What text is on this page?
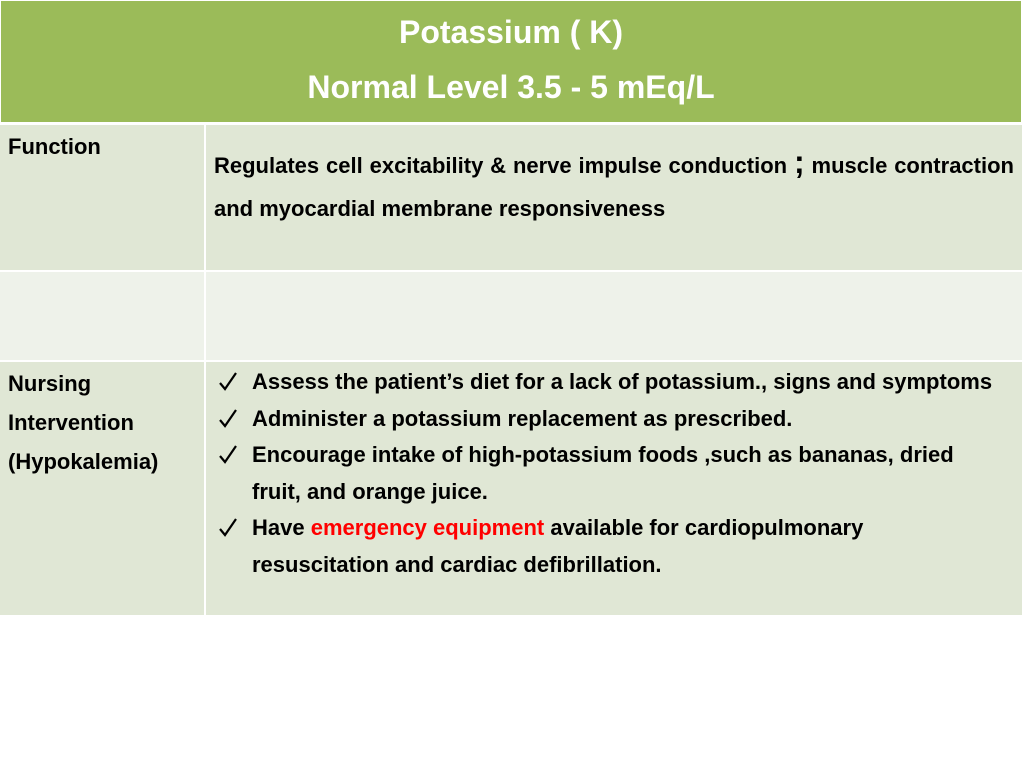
Potassium ( K)
Normal Level 3.5 - 5 mEq/L
Function
Regulates cell excitability & nerve impulse conduction ; muscle contraction and myocardial membrane responsiveness
Nursing
Intervention
(Hypokalemia)
Assess the patient’s diet for a lack of potassium., signs and symptoms
Administer a potassium replacement as prescribed.
Encourage intake of high-potassium foods ,such as bananas, dried fruit, and orange juice.
Have emergency equipment available for cardiopulmonary resuscitation and cardiac defibrillation.
